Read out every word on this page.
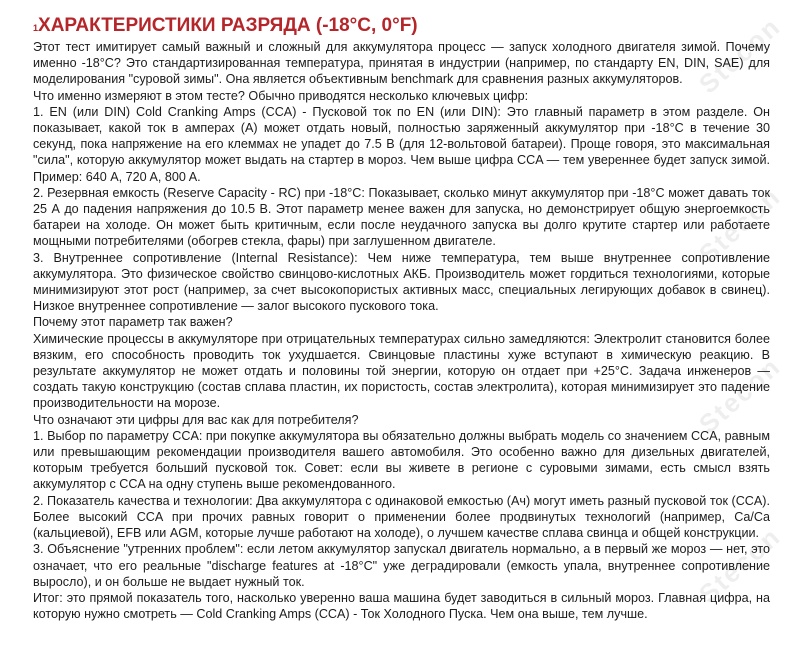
Stecon
Stecon
Stecon
Stecon
$^1$ХАРАКТЕРИСТИКИ РАЗРЯДА (-18°C, 0°F)

Этот тест имитирует самый важный и сложный для аккумулятора процесс — запуск холодного двигателя зимой. Почему именно -18°C? Это стандартизированная температура, принятая в индустрии (например, по стандарту EN, DIN, SAE) для моделирования "суровой зимы". Она является объективным benchmark для сравнения разных аккумуляторов.

Что именно измеряют в этом тесте? Обычно приводятся несколько ключевых цифр:

1. EN (или DIN) Cold Cranking Amps (CCA) - Пусковой ток по EN (или DIN): Это главный параметр в этом разделе. Он показывает, какой ток в амперах (А) может отдать новый, полностью заряженный аккумулятор при -18°C в течение 30 секунд, пока напряжение на его клеммах не упадет до 7.5 В (для 12-вольтовой батареи). Проще говоря, это максимальная "сила", которую аккумулятор может выдать на стартер в мороз. Чем выше цифра CCA — тем увереннее будет запуск зимой. Пример: 640 A, 720 A, 800 A.

2. Резервная емкость (Reserve Capacity - RC) при -18°C: Показывает, сколько минут аккумулятор при -18°C может давать ток 25 А до падения напряжения до 10.5 В. Этот параметр менее важен для запуска, но демонстрирует общую энергоемкость батареи на холоде. Он может быть критичным, если после неудачного запуска вы долго крутите стартер или работаете мощными потребителями (обогрев стекла, фары) при заглушенном двигателе.

3. Внутреннее сопротивление (Internal Resistance): Чем ниже температура, тем выше внутреннее сопротивление аккумулятора. Это физическое свойство свинцово-кислотных АКБ. Производитель может гордиться технологиями, которые минимизируют этот рост (например, за счет высокопористых активных масс, специальных легирующих добавок в свинец). Низкое внутреннее сопротивление — залог высокого пускового тока.

Почему этот параметр так важен?

Химические процессы в аккумуляторе при отрицательных температурах сильно замедляются: Электролит становится более вязким, его способность проводить ток ухудшается. Свинцовые пластины хуже вступают в химическую реакцию. В результате аккумулятор не может отдать и половины той энергии, которую он отдает при +25°C. Задача инженеров — создать такую конструкцию (состав сплава пластин, их пористость, состав электролита), которая минимизирует это падение производительности на морозе.

Что означают эти цифры для вас как для потребителя?

1. Выбор по параметру CCA: при покупке аккумулятора вы обязательно должны выбрать модель со значением CCA, равным или превышающим рекомендации производителя вашего автомобиля. Это особенно важно для дизельных двигателей, которым требуется больший пусковой ток. Совет: если вы живете в регионе с суровыми зимами, есть смысл взять аккумулятор с CCA на одну ступень выше рекомендованного.

2. Показатель качества и технологии: Два аккумулятора с одинаковой емкостью (Ач) могут иметь разный пусковой ток (CCA). Более высокий CCA при прочих равных говорит о применении более продвинутых технологий (например, Ca/Ca (кальциевой), EFB или AGM, которые лучше работают на холоде), о лучшем качестве сплава свинца и общей конструкции.

3. Объяснение "утренних проблем": если летом аккумулятор запускал двигатель нормально, а в первый же мороз — нет, это означает, что его реальные "discharge features at -18°C" уже деградировали (емкость упала, внутреннее сопротивление выросло), и он больше не выдает нужный ток.

Итог: это прямой показатель того, насколько уверенно ваша машина будет заводиться в сильный мороз. Главная цифра, на которую нужно смотреть — Cold Cranking Amps (CCA) - Ток Холодного Пуска. Чем она выше, тем лучше.
